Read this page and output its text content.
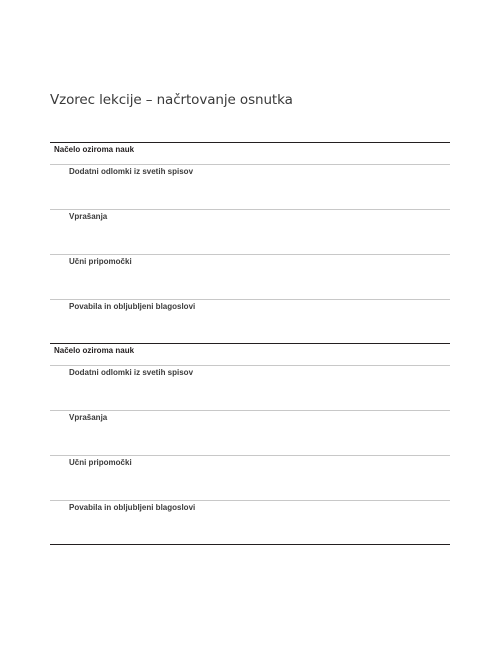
Vzorec lekcije – načrtovanje osnutka
Načelo oziroma nauk
Dodatni odlomki iz svetih spisov
Vprašanja
Učni pripomočki
Povabila in obljubljeni blagoslovi
Načelo oziroma nauk
Dodatni odlomki iz svetih spisov
Vprašanja
Učni pripomočki
Povabila in obljubljeni blagoslovi
